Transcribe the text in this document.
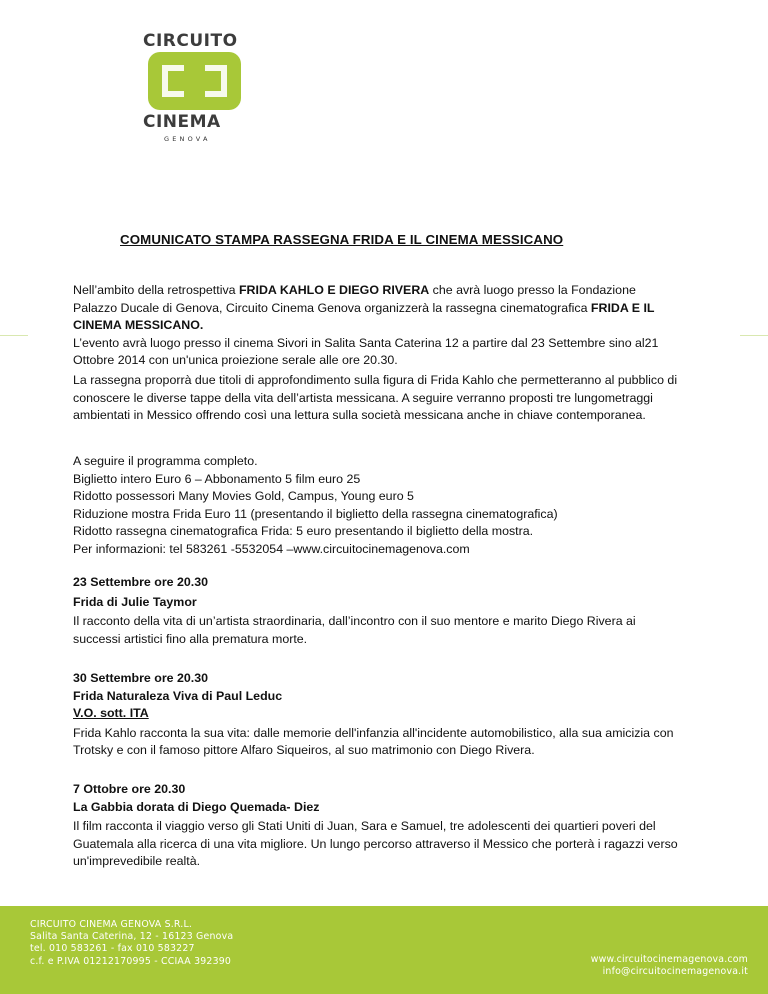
CIRCUITO
CINEMA
GENOVA
COMUNICATO STAMPA RASSEGNA FRIDA E IL CINEMA MESSICANO
Nell’ambito della retrospettiva FRIDA KAHLO E DIEGO RIVERA che avrà luogo presso la Fondazione
Palazzo Ducale di Genova, Circuito Cinema Genova organizzerà la rassegna cinematografica FRIDA E IL
CINEMA MESSICANO.
L’evento avrà luogo presso il cinema Sivori in Salita Santa Caterina 12 a partire dal 23 Settembre sino al21
Ottobre 2014 con un'unica proiezione serale alle ore 20.30.
La rassegna proporrà due titoli di approfondimento sulla figura di Frida Kahlo che permetteranno al pubblico di
conoscere le diverse tappe della vita dell’artista messicana. A seguire verranno proposti tre lungometraggi
ambientati in Messico offrendo così una lettura sulla società messicana anche in chiave contemporanea.
A seguire il programma completo.
Biglietto intero Euro 6 – Abbonamento 5 film euro 25
Ridotto possessori Many Movies Gold, Campus, Young euro 5
Riduzione mostra Frida Euro 11 (presentando il biglietto della rassegna cinematografica)
Ridotto rassegna cinematografica Frida: 5 euro presentando il biglietto della mostra.
Per informazioni: tel 583261 -5532054 –www.circuitocinemagenova.com
23 Settembre ore 20.30
Frida di Julie Taymor
Il racconto della vita di un’artista straordinaria, dall’incontro con il suo mentore e marito Diego Rivera ai
successi artistici fino alla prematura morte.
30 Settembre ore 20.30
Frida Naturaleza Viva di Paul Leduc
V.O. sott. ITA
Frida Kahlo racconta la sua vita: dalle memorie dell'infanzia all'incidente automobilistico, alla sua amicizia con
Trotsky e con il famoso pittore Alfaro Siqueiros, al suo matrimonio con Diego Rivera.
7 Ottobre ore 20.30
La Gabbia dorata di Diego Quemada- Diez
Il film racconta il viaggio verso gli Stati Uniti di Juan, Sara e Samuel, tre adolescenti dei quartieri poveri del
Guatemala alla ricerca di una vita migliore. Un lungo percorso attraverso il Messico che porterà i ragazzi verso
un'imprevedibile realtà.
CIRCUITO CINEMA GENOVA S.R.L.
Salita Santa Caterina, 12 - 16123 Genova
tel. 010 583261 - fax 010 583227
c.f. e P.IVA 01212170995 - CCIAA 392390	www.circuitocinemagenova.com
info@circuitocinemagenova.it
